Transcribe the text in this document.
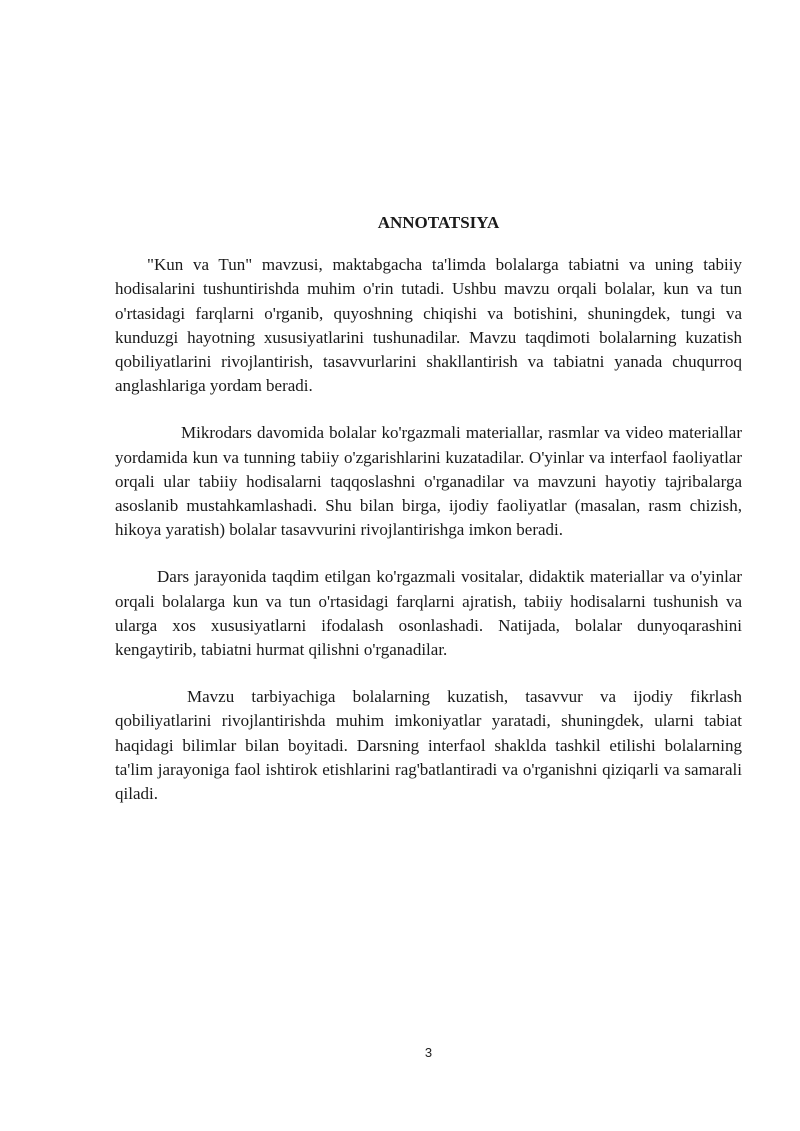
ANNOTATSIYA

"Kun va Tun" mavzusi, maktabgacha ta'limda bolalarga tabiatni va uning tabiiy hodisalarini tushuntirishda muhim o'rin tutadi. Ushbu mavzu orqali bolalar, kun va tun o'rtasidagi farqlarni o'rganib, quyoshning chiqishi va botishini, shuningdek, tungi va kunduzgi hayotning xususiyatlarini tushunadilar. Mavzu taqdimoti bolalarning kuzatish qobiliyatlarini rivojlantirish, tasavvurlarini shakllantirish va tabiatni yanada chuqurroq anglashlariga yordam beradi.

Mikrodars davomida bolalar ko'rgazmali materiallar, rasmlar va video materiallar yordamida kun va tunning tabiiy o'zgarishlarini kuzatadilar. O'yinlar va interfaol faoliyatlar orqali ular tabiiy hodisalarni taqqoslashni o'rganadilar va mavzuni hayotiy tajribalarga asoslanib mustahkamlashadi. Shu bilan birga, ijodiy faoliyatlar (masalan, rasm chizish, hikoya yaratish) bolalar tasavvurini rivojlantirishga imkon beradi.

Dars jarayonida taqdim etilgan ko'rgazmali vositalar, didaktik materiallar va o'yinlar orqali bolalarga kun va tun o'rtasidagi farqlarni ajratish, tabiiy hodisalarni tushunish va ularga xos xususiyatlarni ifodalash osonlashadi. Natijada, bolalar dunyoqarashini kengaytirib, tabiatni hurmat qilishni o'rganadilar.

Mavzu tarbiyachiga bolalarning kuzatish, tasavvur va ijodiy fikrlash qobiliyatlarini rivojlantirishda muhim imkoniyatlar yaratadi, shuningdek, ularni tabiat haqidagi bilimlar bilan boyitadi. Darsning interfaol shaklda tashkil etilishi bolalarning ta'lim jarayoniga faol ishtirok etishlarini rag'batlantiradi va o'rganishni qiziqarli va samarali qiladi.

3
